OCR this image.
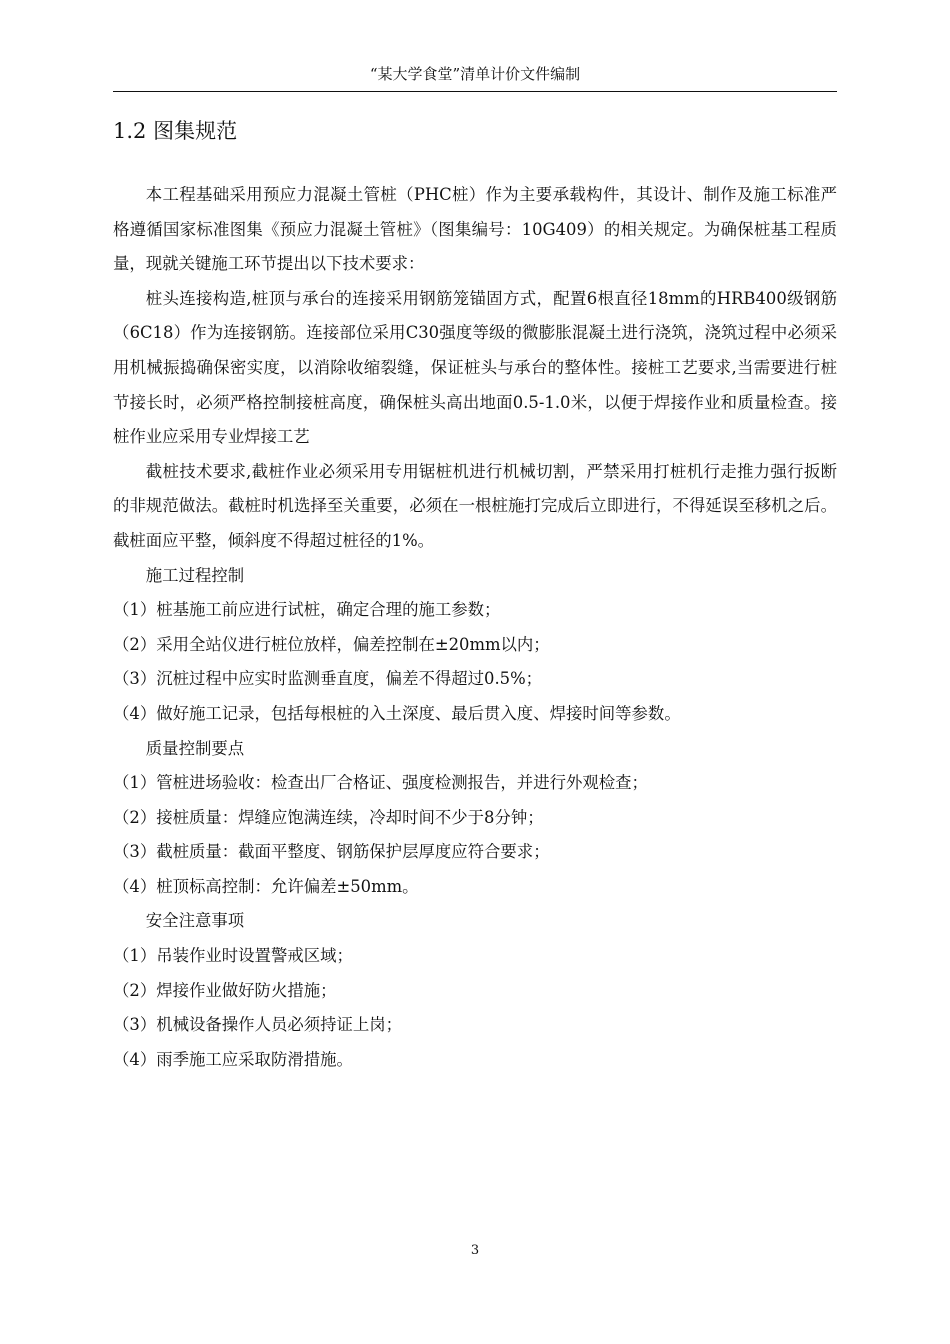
“某大学食堂”清单计价文件编制
1.2 图集规范

本工程基础采用预应力混凝土管桩（PHC桩）作为主要承载构件，其设计、制作及施工标准严格遵循国家标准图集《预应力混凝土管桩》（图集编号：10G409）的相关规定。为确保桩基工程质量，现就关键施工环节提出以下技术要求：

桩头连接构造,桩顶与承台的连接采用钢筋笼锚固方式，配置6根直径18mm的HRB400级钢筋（6C18）作为连接钢筋。连接部位采用C30强度等级的微膨胀混凝土进行浇筑，浇筑过程中必须采用机械振捣确保密实度，以消除收缩裂缝，保证桩头与承台的整体性。接桩工艺要求,当需要进行桩节接长时，必须严格控制接桩高度，确保桩头高出地面0.5-1.0米，以便于焊接作业和质量检查。接桩作业应采用专业焊接工艺

截桩技术要求,截桩作业必须采用专用锯桩机进行机械切割，严禁采用打桩机行走推力强行扳断的非规范做法。截桩时机选择至关重要，必须在一根桩施打完成后立即进行，不得延误至移机之后。截桩面应平整，倾斜度不得超过桩径的1%。

施工过程控制

（1）桩基施工前应进行试桩，确定合理的施工参数；

（2）采用全站仪进行桩位放样，偏差控制在±20mm以内；

（3）沉桩过程中应实时监测垂直度，偏差不得超过0.5%；

（4）做好施工记录，包括每根桩的入土深度、最后贯入度、焊接时间等参数。

质量控制要点

（1）管桩进场验收：检查出厂合格证、强度检测报告，并进行外观检查；

（2）接桩质量：焊缝应饱满连续，冷却时间不少于8分钟；

（3）截桩质量：截面平整度、钢筋保护层厚度应符合要求；

（4）桩顶标高控制：允许偏差±50mm。

安全注意事项

（1）吊装作业时设置警戒区域；

（2）焊接作业做好防火措施；

（3）机械设备操作人员必须持证上岗；

（4）雨季施工应采取防滑措施。

3
